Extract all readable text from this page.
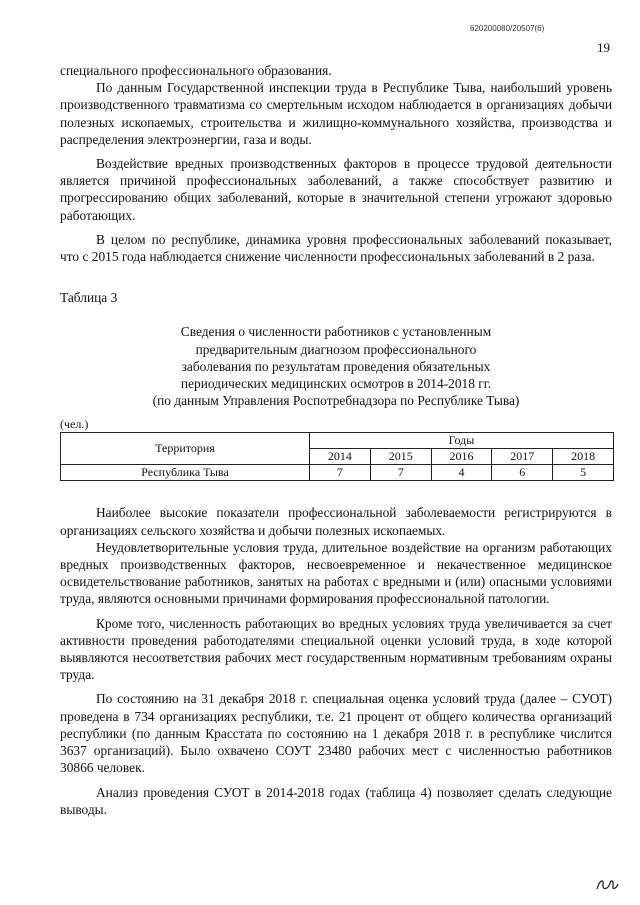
620200080/20507(6)
19

специального профессионального образования.

По данным Государственной инспекции труда в Республике Тыва, наибольший уровень производственного травматизма со смертельным исходом наблюдается в организациях добычи полезных ископаемых, строительства и жилищно-коммунального хозяйства, производства и распределения электроэнергии, газа и воды.

Воздействие вредных производственных факторов в процессе трудовой деятельности является причиной профессиональных заболеваний, а также способствует развитию и прогрессированию общих заболеваний, которые в значительной степени угрожают здоровью работающих.

В целом по республике, динамика уровня профессиональных заболеваний показывает, что с 2015 года наблюдается снижение численности профессиональных заболеваний в 2 раза.

Таблица 3

Сведения о численности работников с установленным
предварительным диагнозом профессионального
заболевания по результатам проведения обязательных
периодических медицинских осмотров в 2014-2018 гг.
(по данным Управления Роспотребнадзора по Республике Тыва)

(чел.)

Территория	Годы				
	2014	2015	2016	2017	2018
Республика Тыва	7	7	4	6	5

Наиболее высокие показатели профессиональной заболеваемости регистрируются в организациях сельского хозяйства и добычи полезных ископаемых.

Неудовлетворительные условия труда, длительное воздействие на организм работающих вредных производственных факторов, несвоевременное и некачественное медицинское освидетельствование работников, занятых на работах с вредными и (или) опасными условиями труда, являются основными причинами формирования профессиональной патологии.

Кроме того, численность работающих во вредных условиях труда увеличивается за счет активности проведения работодателями специальной оценки условий труда, в ходе которой выявляются несоответствия рабочих мест государственным нормативным требованиям охраны труда.

По состоянию на 31 декабря 2018 г. специальная оценка условий труда (далее – СУОТ) проведена в 734 организациях республики, т.е. 21 процент от общего количества организаций республики (по данным Красстата по состоянию на 1 декабря 2018 г. в республике числится 3637 организаций). Было охвачено СОУТ 23480 рабочих мест с численностью работников 30866 человек.

Анализ проведения СУОТ в 2014-2018 годах (таблица 4) позволяет сделать следующие выводы.
